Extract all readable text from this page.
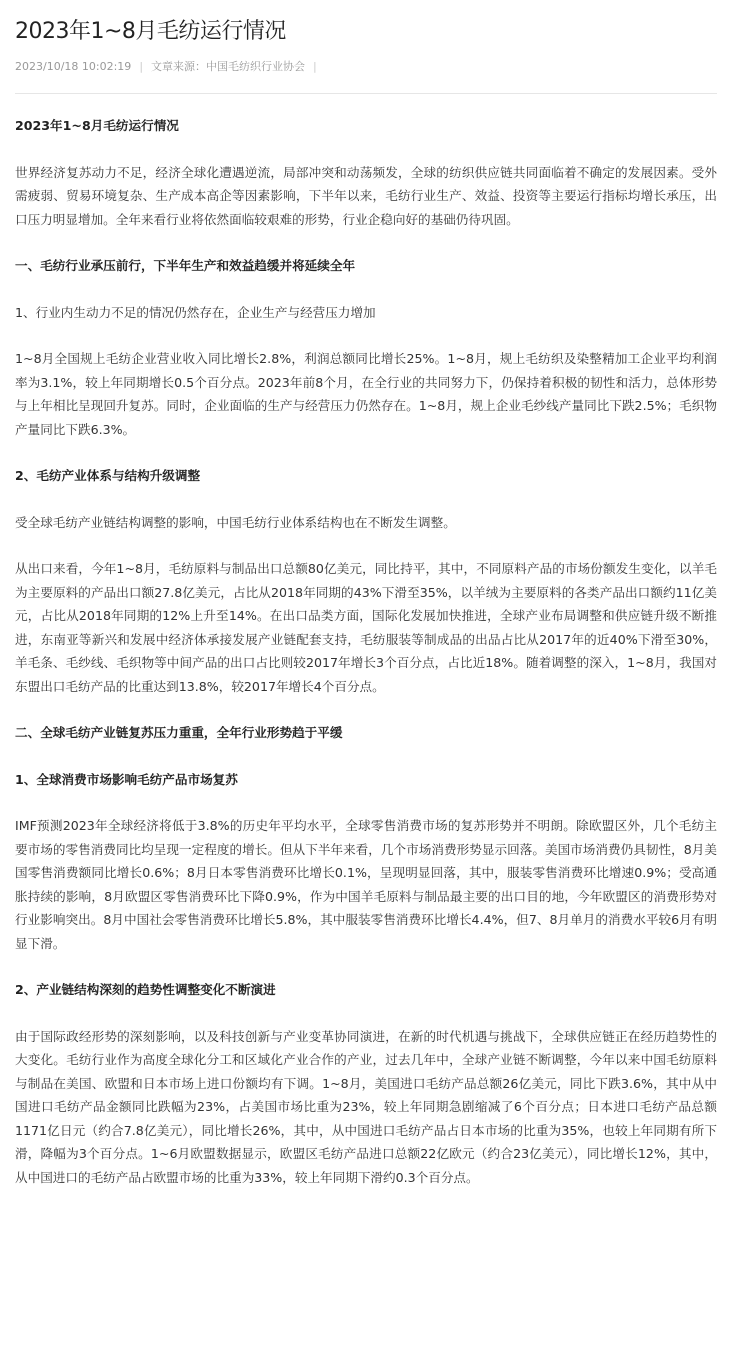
2023年1~8月毛纺运行情况
2023/10/18 10:02:19 | 文章来源：中国毛纺织行业协会 |

2023年1~8月毛纺运行情况

世界经济复苏动力不足，经济全球化遭遇逆流，局部冲突和动荡频发，全球的纺织供应链共同面临着不确定的发展因素。受外需疲弱、贸易环境复杂、生产成本高企等因素影响，下半年以来，毛纺行业生产、效益、投资等主要运行指标均增长承压，出口压力明显增加。全年来看行业将依然面临较艰难的形势，行业企稳向好的基础仍待巩固。

一、毛纺行业承压前行，下半年生产和效益趋缓并将延续全年

1、行业内生动力不足的情况仍然存在，企业生产与经营压力增加

1~8月全国规上毛纺企业营业收入同比增长2.8%，利润总额同比增长25%。1~8月，规上毛纺织及染整精加工企业平均利润率为3.1%，较上年同期增长0.5个百分点。2023年前8个月，在全行业的共同努力下，仍保持着积极的韧性和活力，总体形势与上年相比呈现回升复苏。同时，企业面临的生产与经营压力仍然存在。1~8月，规上企业毛纱线产量同比下跌2.5%；毛织物产量同比下跌6.3%。

2、毛纺产业体系与结构升级调整

受全球毛纺产业链结构调整的影响，中国毛纺行业体系结构也在不断发生调整。

从出口来看，今年1~8月，毛纺原料与制品出口总额80亿美元，同比持平，其中，不同原料产品的市场份额发生变化，以羊毛为主要原料的产品出口额27.8亿美元，占比从2018年同期的43%下滑至35%，以羊绒为主要原料的各类产品出口额约11亿美元，占比从2018年同期的12%上升至14%。在出口品类方面，国际化发展加快推进，全球产业布局调整和供应链升级不断推进，东南亚等新兴和发展中经济体承接发展产业链配套支持，毛纺服装等制成品的出品占比从2017年的近40%下滑至30%，羊毛条、毛纱线、毛织物等中间产品的出口占比则较2017年增长3个百分点，占比近18%。随着调整的深入，1~8月，我国对东盟出口毛纺产品的比重达到13.8%，较2017年增长4个百分点。

二、全球毛纺产业链复苏压力重重，全年行业形势趋于平缓

1、全球消费市场影响毛纺产品市场复苏

IMF预测2023年全球经济将低于3.8%的历史年平均水平，全球零售消费市场的复苏形势并不明朗。除欧盟区外，几个毛纺主要市场的零售消费同比均呈现一定程度的增长。但从下半年来看，几个市场消费形势显示回落。美国市场消费仍具韧性，8月美国零售消费额同比增长0.6%；8月日本零售消费环比增长0.1%，呈现明显回落，其中，服装零售消费环比增速0.9%；受高通胀持续的影响，8月欧盟区零售消费环比下降0.9%，作为中国羊毛原料与制品最主要的出口目的地，今年欧盟区的消费形势对行业影响突出。8月中国社会零售消费环比增长5.8%，其中服装零售消费环比增长4.4%，但7、8月单月的消费水平较6月有明显下滑。

2、产业链结构深刻的趋势性调整变化不断演进

由于国际政经形势的深刻影响，以及科技创新与产业变革协同演进，在新的时代机遇与挑战下，全球供应链正在经历趋势性的大变化。毛纺行业作为高度全球化分工和区域化产业合作的产业，过去几年中，全球产业链不断调整，今年以来中国毛纺原料与制品在美国、欧盟和日本市场上进口份额均有下调。1~8月，美国进口毛纺产品总额26亿美元，同比下跌3.6%，其中从中国进口毛纺产品金额同比跌幅为23%，占美国市场比重为23%，较上年同期急剧缩减了6个百分点；日本进口毛纺产品总额1171亿日元（约合7.8亿美元），同比增长26%，其中，从中国进口毛纺产品占日本市场的比重为35%，也较上年同期有所下滑，降幅为3个百分点。1~6月欧盟数据显示，欧盟区毛纺产品进口总额22亿欧元（约合23亿美元），同比增长12%，其中，从中国进口的毛纺产品占欧盟市场的比重为33%，较上年同期下滑约0.3个百分点。
